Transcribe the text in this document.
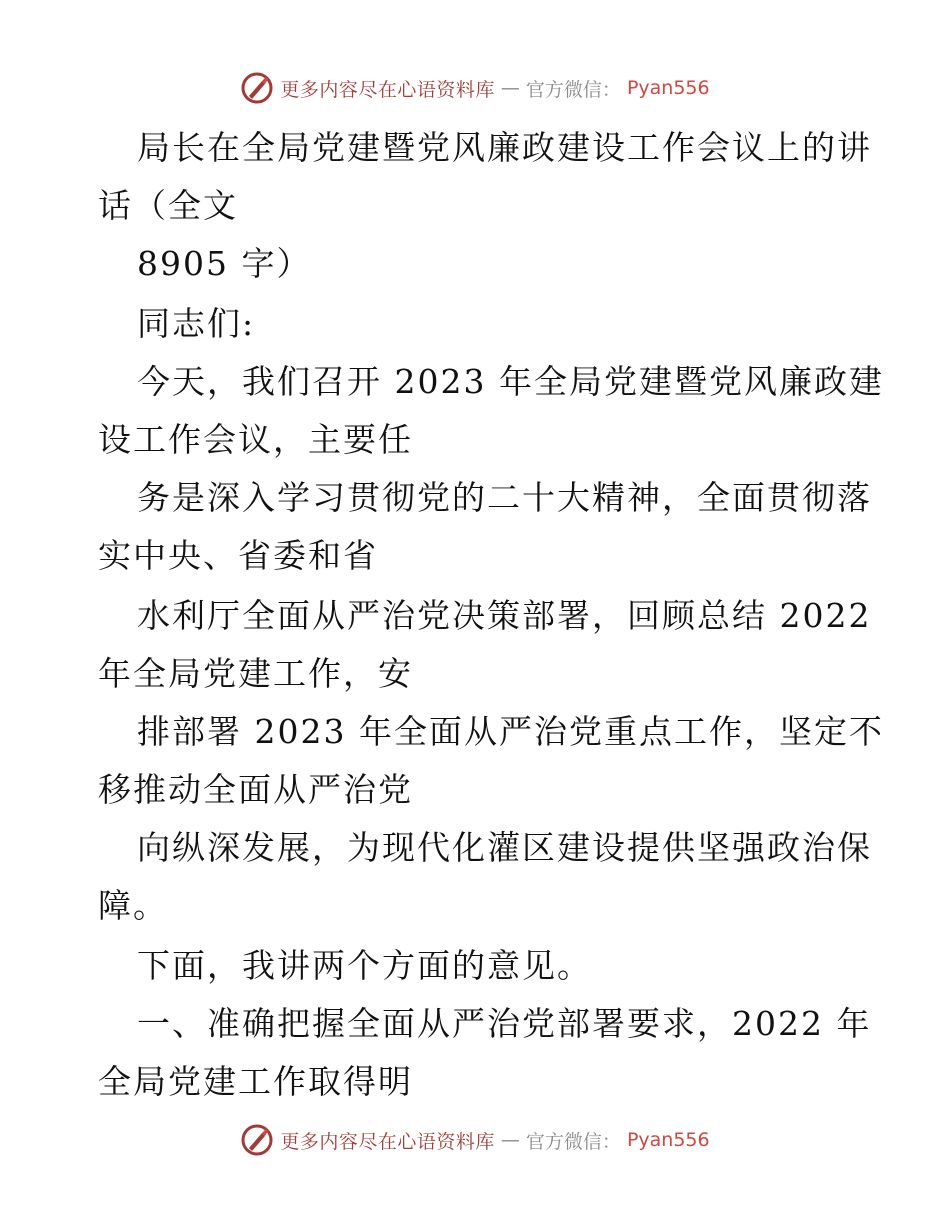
更多内容尽在心语资料库 — 官方微信： Pyan556
局长在全局党建暨党风廉政建设工作会议上的讲
话（全文
8905 字）
同志们:
今天，我们召开 2023 年全局党建暨党风廉政建
设工作会议，主要任
务是深入学习贯彻党的二十大精神，全面贯彻落
实中央、省委和省
水利厅全面从严治党决策部署，回顾总结 2022
年全局党建工作，安
排部署 2023 年全面从严治党重点工作，坚定不
移推动全面从严治党
向纵深发展，为现代化灌区建设提供坚强政治保
障。
下面，我讲两个方面的意见。
一、准确把握全面从严治党部署要求，2022 年
全局党建工作取得明
更多内容尽在心语资料库 — 官方微信： Pyan556
